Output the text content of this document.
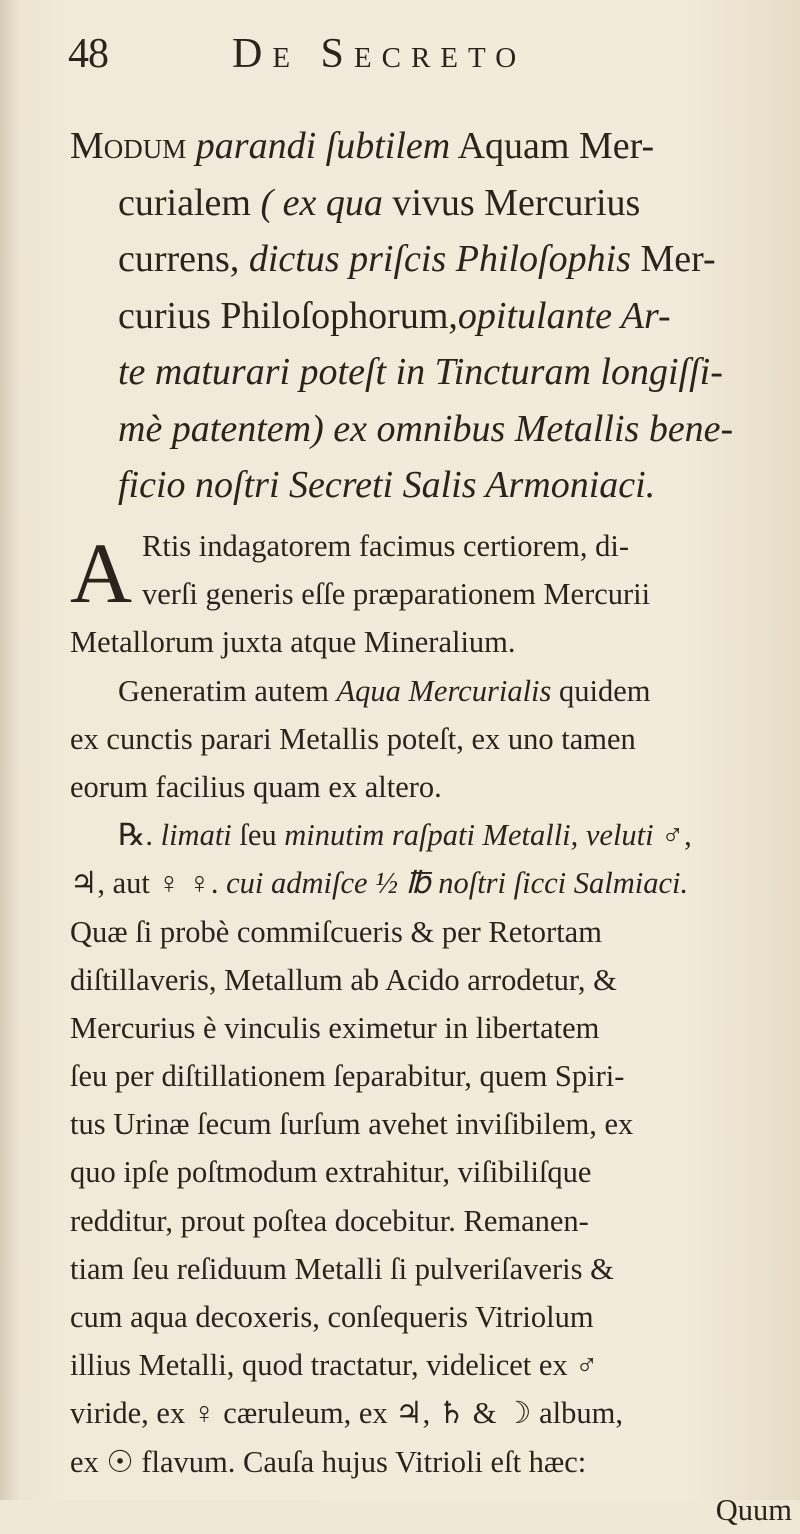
48	De Secreto
Modum parandi ſubtilem Aquam Mer-
curialem ( ex qua vivus Mercurius
currens, dictus priſcis Philoſophis Mer-
curius Philoſophorum,opitulante Ar-
te maturari poteſt in Tincturam longiſſi-
mè patentem) ex omnibus Metallis bene-
ficio noſtri Secreti Salis Armoniaci.
A Rtis indagatorem facimus certiorem, di-
verſi generis eſſe præparationem Mercurii
Metallorum juxta atque Mineralium.
Generatim autem Aqua Mercurialis quidem
ex cunctis parari Metallis poteſt, ex uno tamen
eorum facilius quam ex altero.
℞. limati ſeu minutim raſpati Metalli, veluti ♂,
♃, aut ♀ ♀. cui admiſce ½ ℔ noſtri ſicci Salmiaci.
Quæ ſi probè commiſcueris & per Retortam
diſtillaveris, Metallum ab Acido arrodetur, &
Mercurius è vinculis eximetur in libertatem
ſeu per diſtillationem ſeparabitur, quem Spiri-
tus Urinæ ſecum ſurſum avehet inviſibilem, ex
quo ipſe poſtmodum extrahitur, viſibiliſque
redditur, prout poſtea docebitur. Remanen-
tiam ſeu reſiduum Metalli ſi pulveriſaveris &
cum aqua decoxeris, conſequeris Vitriolum
illius Metalli, quod tractatur, videlicet ex ♂
viride, ex ♀ cæruleum, ex ♃, ♄ & ☽ album,
ex ☉ flavum. Cauſa hujus Vitrioli eſt hæc:
Quum
